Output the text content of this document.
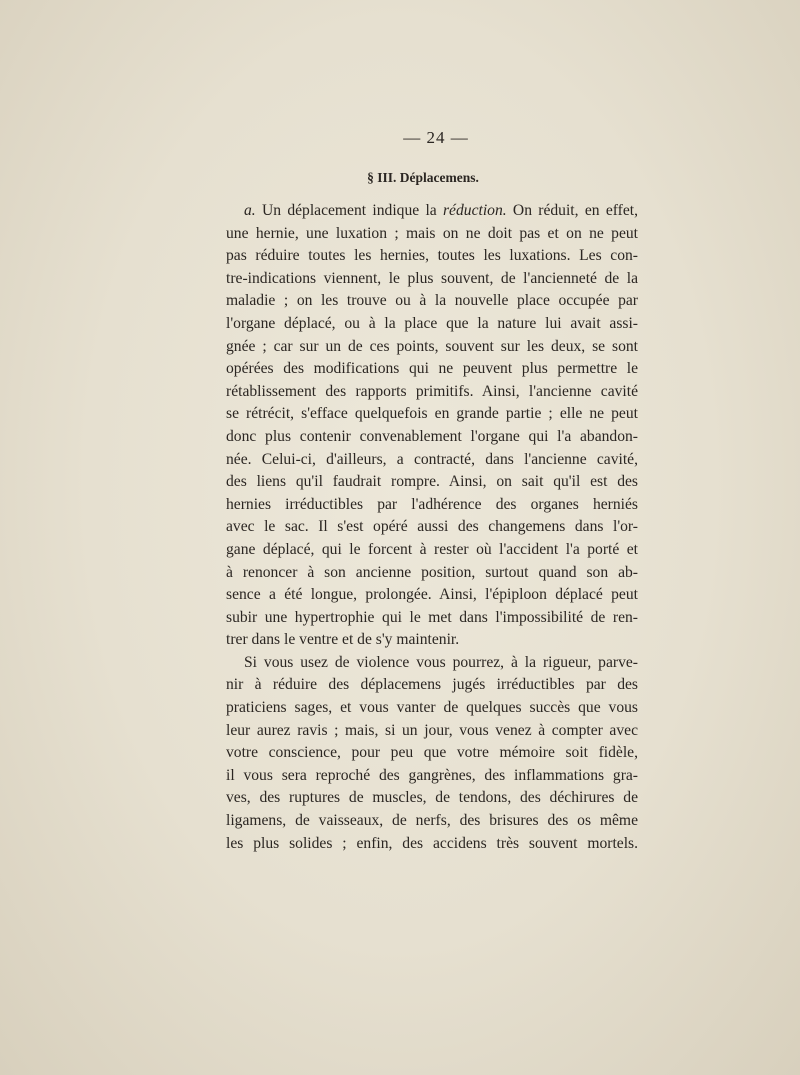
— 24 —
§ III. Déplacemens.
a. Un déplacement indique la réduction. On réduit, en effet,
une hernie, une luxation ; mais on ne doit pas et on ne peut
pas réduire toutes les hernies, toutes les luxations. Les con-
tre-indications viennent, le plus souvent, de l'ancienneté de la
maladie ; on les trouve ou à la nouvelle place occupée par
l'organe déplacé, ou à la place que la nature lui avait assi-
gnée ; car sur un de ces points, souvent sur les deux, se sont
opérées des modifications qui ne peuvent plus permettre le
rétablissement des rapports primitifs. Ainsi, l'ancienne cavité
se rétrécit, s'efface quelquefois en grande partie ; elle ne peut
donc plus contenir convenablement l'organe qui l'a abandon-
née. Celui-ci, d'ailleurs, a contracté, dans l'ancienne cavité,
des liens qu'il faudrait rompre. Ainsi, on sait qu'il est des
hernies irréductibles par l'adhérence des organes herniés
avec le sac. Il s'est opéré aussi des changemens dans l'or-
gane déplacé, qui le forcent à rester où l'accident l'a porté et
à renoncer à son ancienne position, surtout quand son ab-
sence a été longue, prolongée. Ainsi, l'épiploon déplacé peut
subir une hypertrophie qui le met dans l'impossibilité de ren-
trer dans le ventre et de s'y maintenir.
Si vous usez de violence vous pourrez, à la rigueur, parve-
nir à réduire des déplacemens jugés irréductibles par des
praticiens sages, et vous vanter de quelques succès que vous
leur aurez ravis ; mais, si un jour, vous venez à compter avec
votre conscience, pour peu que votre mémoire soit fidèle,
il vous sera reproché des gangrènes, des inflammations gra-
ves, des ruptures de muscles, de tendons, des déchirures de
ligamens, de vaisseaux, de nerfs, des brisures des os même
les plus solides ; enfin, des accidens très souvent mortels.
